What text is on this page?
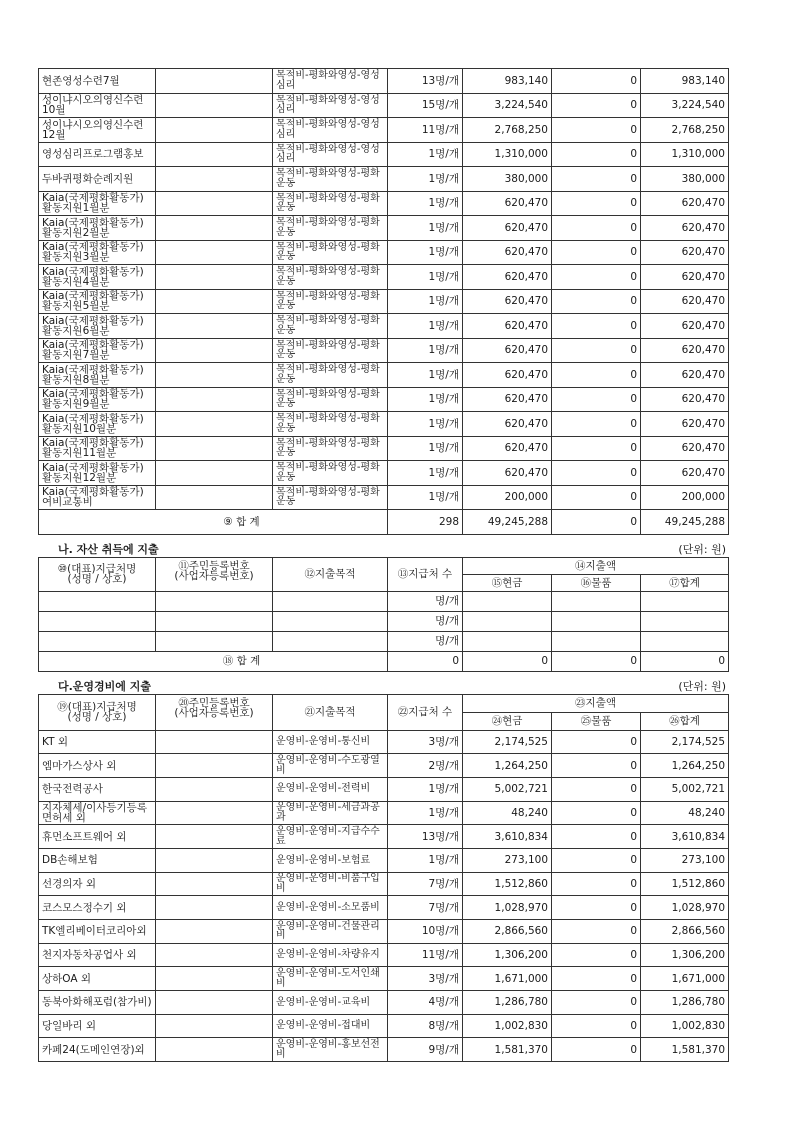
현존영성수련7월		목적비-평화와영성-영성심리	13명/개	983,140	0	983,140
성이냐시오의영신수련10월		목적비-평화와영성-영성심리	15명/개	3,224,540	0	3,224,540
성이냐시오의영신수련12월		목적비-평화와영성-영성심리	11명/개	2,768,250	0	2,768,250
영성심리프로그램홍보		목적비-평화와영성-영성심리	1명/개	1,310,000	0	1,310,000
두바퀴평화순례지원		목적비-평화와영성-평화운동	1명/개	380,000	0	380,000
Kaia(국제평화활동가)활동지원1월분		목적비-평화와영성-평화운동	1명/개	620,470	0	620,470
Kaia(국제평화활동가)활동지원2월분		목적비-평화와영성-평화운동	1명/개	620,470	0	620,470
Kaia(국제평화활동가)활동지원3월분		목적비-평화와영성-평화운동	1명/개	620,470	0	620,470
Kaia(국제평화활동가)활동지원4월분		목적비-평화와영성-평화운동	1명/개	620,470	0	620,470
Kaia(국제평화활동가)활동지원5월분		목적비-평화와영성-평화운동	1명/개	620,470	0	620,470
Kaia(국제평화활동가)활동지원6월분		목적비-평화와영성-평화운동	1명/개	620,470	0	620,470
Kaia(국제평화활동가)활동지원7월분		목적비-평화와영성-평화운동	1명/개	620,470	0	620,470
Kaia(국제평화활동가)활동지원8월분		목적비-평화와영성-평화운동	1명/개	620,470	0	620,470
Kaia(국제평화활동가)활동지원9월분		목적비-평화와영성-평화운동	1명/개	620,470	0	620,470
Kaia(국제평화활동가)활동지원10월분		목적비-평화와영성-평화운동	1명/개	620,470	0	620,470
Kaia(국제평화활동가)활동지원11월분		목적비-평화와영성-평화운동	1명/개	620,470	0	620,470
Kaia(국제평화활동가)활동지원12월분		목적비-평화와영성-평화운동	1명/개	620,470	0	620,470
Kaia(국제평화활동가)여비교통비		목적비-평화와영성-평화운동	1명/개	200,000	0	200,000
⑨ 합 계			298	49,245,288	0	49,245,288
나. 자산 취득에 지출	(단위: 원)
⑩(대표)지급처명
(성명 / 상호)	⑪주민등록번호
(사업자등록번호)	⑫지출목적	⑬지급처 수	⑭지출액		
				⑮현금	⑯물품	⑰합계
			명/개			
			명/개			
			명/개			
⑱ 합 계			0	0	0	0
다.운영경비에 지출	(단위: 원)
⑲(대표)지급처명
(성명 / 상호)	⑳주민등록번호
(사업자등록번호)	㉑지출목적	㉒지급처 수	㉓지출액		
				㉔현금	㉕물품	㉖합계
KT 외		운영비-운영비-통신비	3명/개	2,174,525	0	2,174,525
엠마가스상사 외		운영비-운영비-수도광열비	2명/개	1,264,250	0	1,264,250
한국전력공사		운영비-운영비-전력비	1명/개	5,002,721	0	5,002,721
지자체세/이사등기등록면허세 외		운영비-운영비-세금과공과	1명/개	48,240	0	48,240
휴먼소프트웨어 외		운영비-운영비-지급수수료	13명/개	3,610,834	0	3,610,834
DB손해보험		운영비-운영비-보험료	1명/개	273,100	0	273,100
선경의자 외		운영비-운영비-비품구입비	7명/개	1,512,860	0	1,512,860
코스모스정수기 외		운영비-운영비-소모품비	7명/개	1,028,970	0	1,028,970
TK엘리베이터코리아외		운영비-운영비-건물관리비	10명/개	2,866,560	0	2,866,560
천지자동차공업사 외		운영비-운영비-차량유지	11명/개	1,306,200	0	1,306,200
상하OA 외		운영비-운영비-도서인쇄비	3명/개	1,671,000	0	1,671,000
동북아화해포럼(참가비)		운영비-운영비-교육비	4명/개	1,286,780	0	1,286,780
당일바리 외		운영비-운영비-접대비	8명/개	1,002,830	0	1,002,830
카페24(도메인연장)외		운영비-운영비-홍보선전비	9명/개	1,581,370	0	1,581,370
